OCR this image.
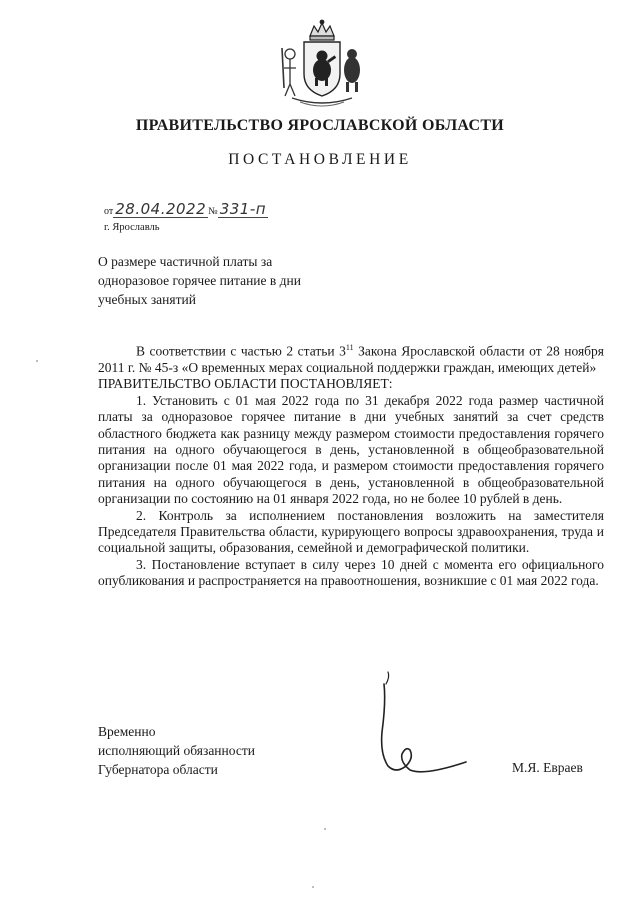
ПРАВИТЕЛЬСТВО ЯРОСЛАВСКОЙ ОБЛАСТИ
ПОСТАНОВЛЕНИЕ
от 28.04.2022 № 331-п
г. Ярославль
О размере частичной платы за
одноразовое горячее питание в дни
учебных занятий

В соответствии с частью 2 статьи $3^{11}$ Закона Ярославской области от 28 ноября 2011 г. № 45-з «О временных мерах социальной поддержки граждан, имеющих детей»

ПРАВИТЕЛЬСТВО ОБЛАСТИ ПОСТАНОВЛЯЕТ:

1. Установить с 01 мая 2022 года по 31 декабря 2022 года размер частичной платы за одноразовое горячее питание в дни учебных занятий за счет средств областного бюджета как разницу между размером стоимости предоставления горячего питания на одного обучающегося в день, установленной в общеобразовательной организации после 01 мая 2022 года, и размером стоимости предоставления горячего питания на одного обучающегося в день, установленной в общеобразовательной организации по состоянию на 01 января 2022 года, но не более 10 рублей в день.

2. Контроль за исполнением постановления возложить на заместителя Председателя Правительства области, курирующего вопросы здравоохранения, труда и социальной защиты, образования, семейной и демографической политики.

3. Постановление вступает в силу через 10 дней с момента его официального опубликования и распространяется на правоотношения, возникшие с 01 мая 2022 года.

Временно
исполняющий обязанности
Губернатора области	М.Я. Евраев
